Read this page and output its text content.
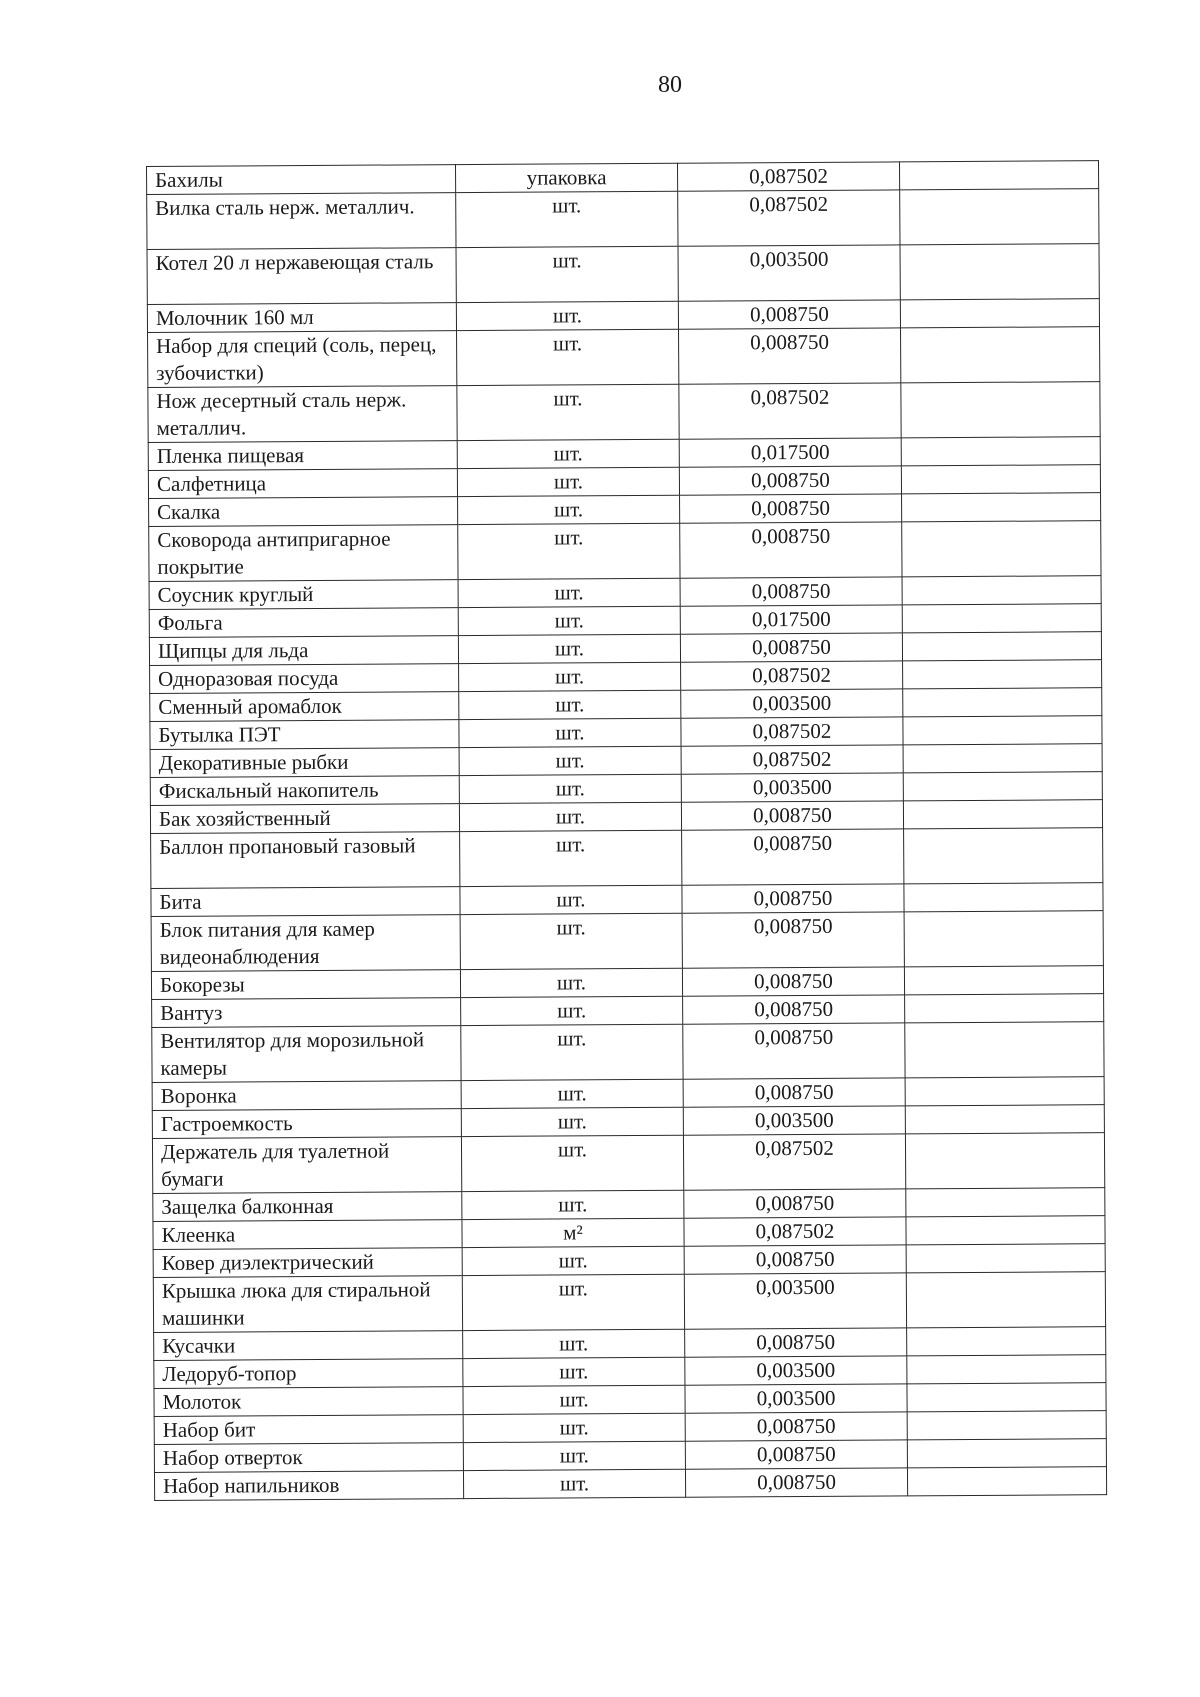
80
Бахилы	упаковка	0,087502	
Вилка сталь нерж. металлич.	шт.	0,087502	
Котел 20 л нержавеющая сталь	шт.	0,003500	
Молочник 160 мл	шт.	0,008750	
Набор для специй (соль, перец, зубочистки)	шт.	0,008750	
Нож десертный сталь нерж. металлич.	шт.	0,087502	
Пленка пищевая	шт.	0,017500	
Салфетница	шт.	0,008750	
Скалка	шт.	0,008750	
Сковорода антипригарное покрытие	шт.	0,008750	
Соусник круглый	шт.	0,008750	
Фольга	шт.	0,017500	
Щипцы для льда	шт.	0,008750	
Одноразовая посуда	шт.	0,087502	
Сменный аромаблок	шт.	0,003500	
Бутылка ПЭТ	шт.	0,087502	
Декоративные рыбки	шт.	0,087502	
Фискальный накопитель	шт.	0,003500	
Бак хозяйственный	шт.	0,008750	
Баллон пропановый газовый	шт.	0,008750	
Бита	шт.	0,008750	
Блок питания для камер видеонаблюдения	шт.	0,008750	
Бокорезы	шт.	0,008750	
Вантуз	шт.	0,008750	
Вентилятор для морозильной камеры	шт.	0,008750	
Воронка	шт.	0,008750	
Гастроемкость	шт.	0,003500	
Держатель для туалетной бумаги	шт.	0,087502	
Защелка балконная	шт.	0,008750	
Клеенка	м²	0,087502	
Ковер диэлектрический	шт.	0,008750	
Крышка люка для стиральной машинки	шт.	0,003500	
Кусачки	шт.	0,008750	
Ледоруб-топор	шт.	0,003500	
Молоток	шт.	0,003500	
Набор бит	шт.	0,008750	
Набор отверток	шт.	0,008750	
Набор напильников	шт.	0,008750	
